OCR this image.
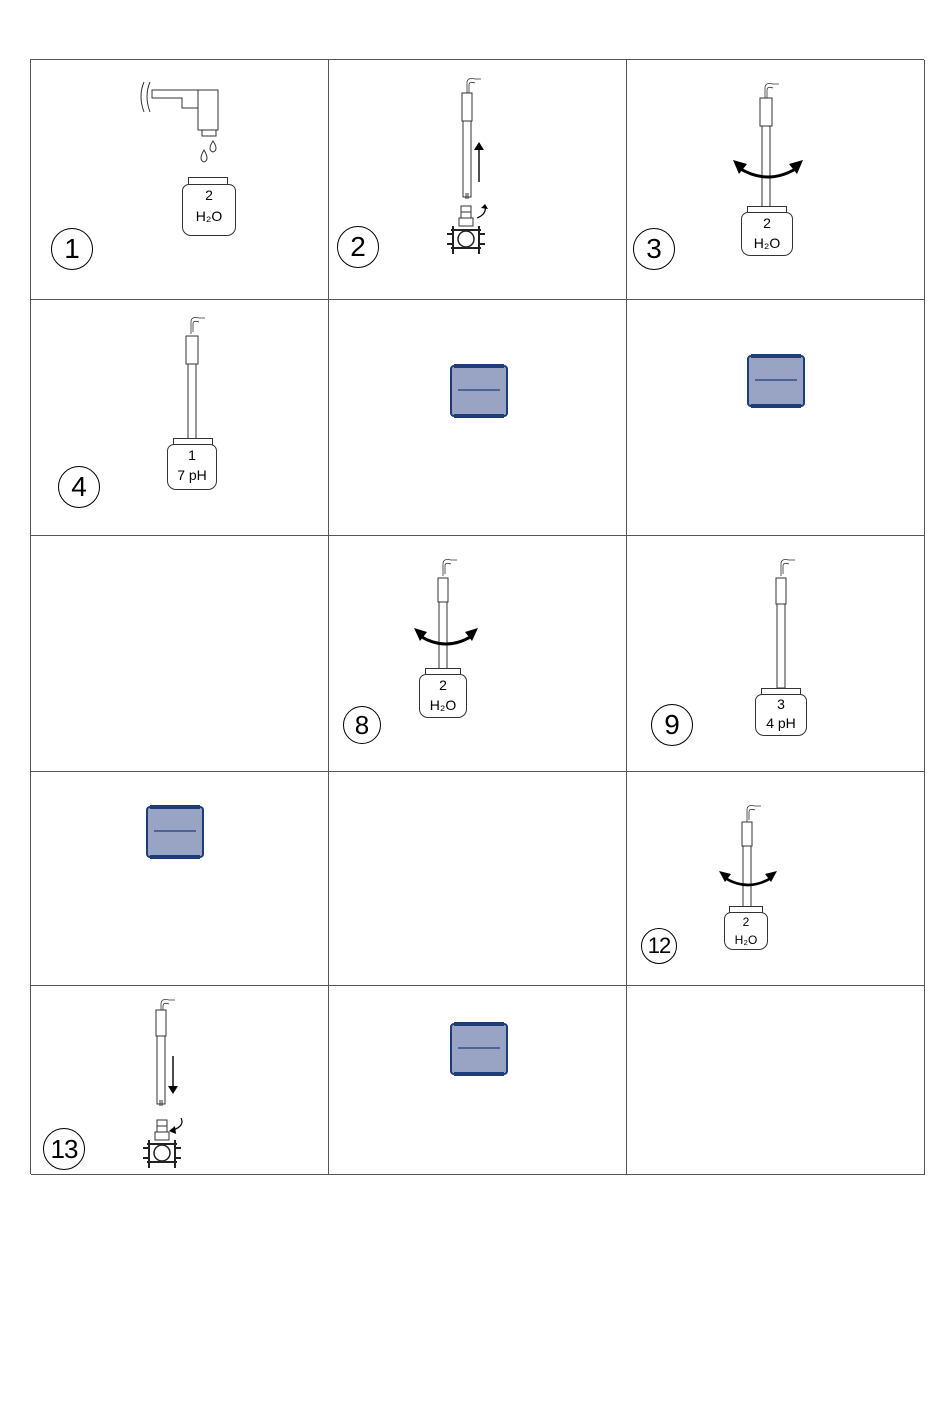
2
H₂O
1	2
2
H₂O
3
1
7 pH
4
2
H₂O
8
3
4 pH
9
2
H₂O
12
13
